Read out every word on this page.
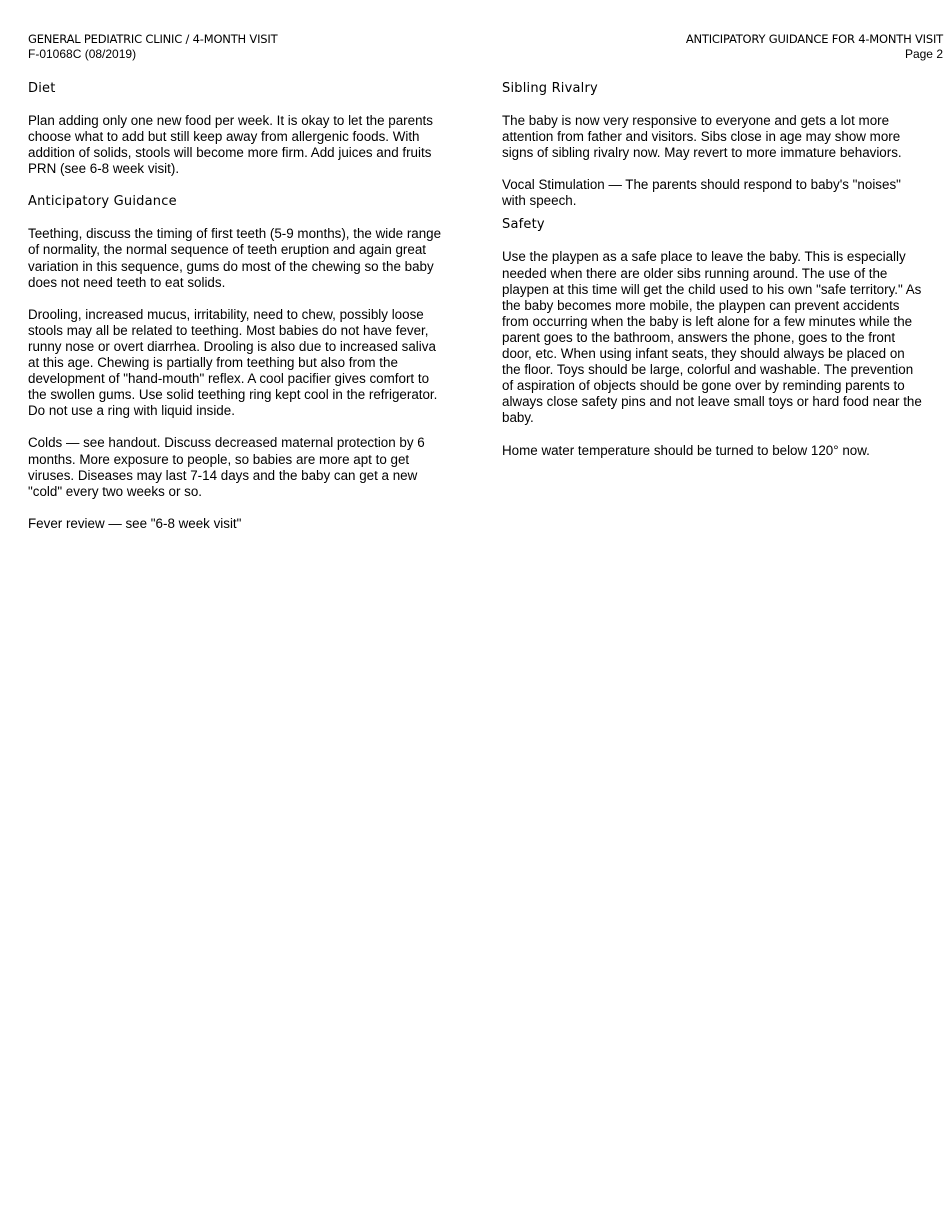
GENERAL PEDIATRIC CLINIC / 4-MONTH VISIT
F-01068C (08/2019)
ANTICIPATORY GUIDANCE FOR 4-MONTH VISIT
Page 2
Diet

Plan adding only one new food per week. It is okay to let the parents choose what to add but still keep away from allergenic foods. With addition of solids, stools will become more firm. Add juices and fruits PRN (see 6-8 week visit).

Anticipatory Guidance

Teething, discuss the timing of first teeth (5-9 months), the wide range of normality, the normal sequence of teeth eruption and again great variation in this sequence, gums do most of the chewing so the baby does not need teeth to eat solids.

Drooling, increased mucus, irritability, need to chew, possibly loose stools may all be related to teething. Most babies do not have fever, runny nose or overt diarrhea. Drooling is also due to increased saliva at this age. Chewing is partially from teething but also from the development of "hand-mouth" reflex. A cool pacifier gives comfort to the swollen gums. Use solid teething ring kept cool in the refrigerator. Do not use a ring with liquid inside.

Colds — see handout. Discuss decreased maternal protection by 6 months. More exposure to people, so babies are more apt to get viruses. Diseases may last 7-14 days and the baby can get a new "cold" every two weeks or so.

Fever review — see "6-8 week visit"

Sibling Rivalry

The baby is now very responsive to everyone and gets a lot more attention from father and visitors. Sibs close in age may show more signs of sibling rivalry now. May revert to more immature behaviors.

Vocal Stimulation — The parents should respond to baby's "noises" with speech.

Safety

Use the playpen as a safe place to leave the baby. This is especially needed when there are older sibs running around. The use of the playpen at this time will get the child used to his own "safe territory." As the baby becomes more mobile, the playpen can prevent accidents from occurring when the baby is left alone for a few minutes while the parent goes to the bathroom, answers the phone, goes to the front door, etc. When using infant seats, they should always be placed on the floor. Toys should be large, colorful and washable. The prevention of aspiration of objects should be gone over by reminding parents to always close safety pins and not leave small toys or hard food near the baby.

Home water temperature should be turned to below 120° now.
